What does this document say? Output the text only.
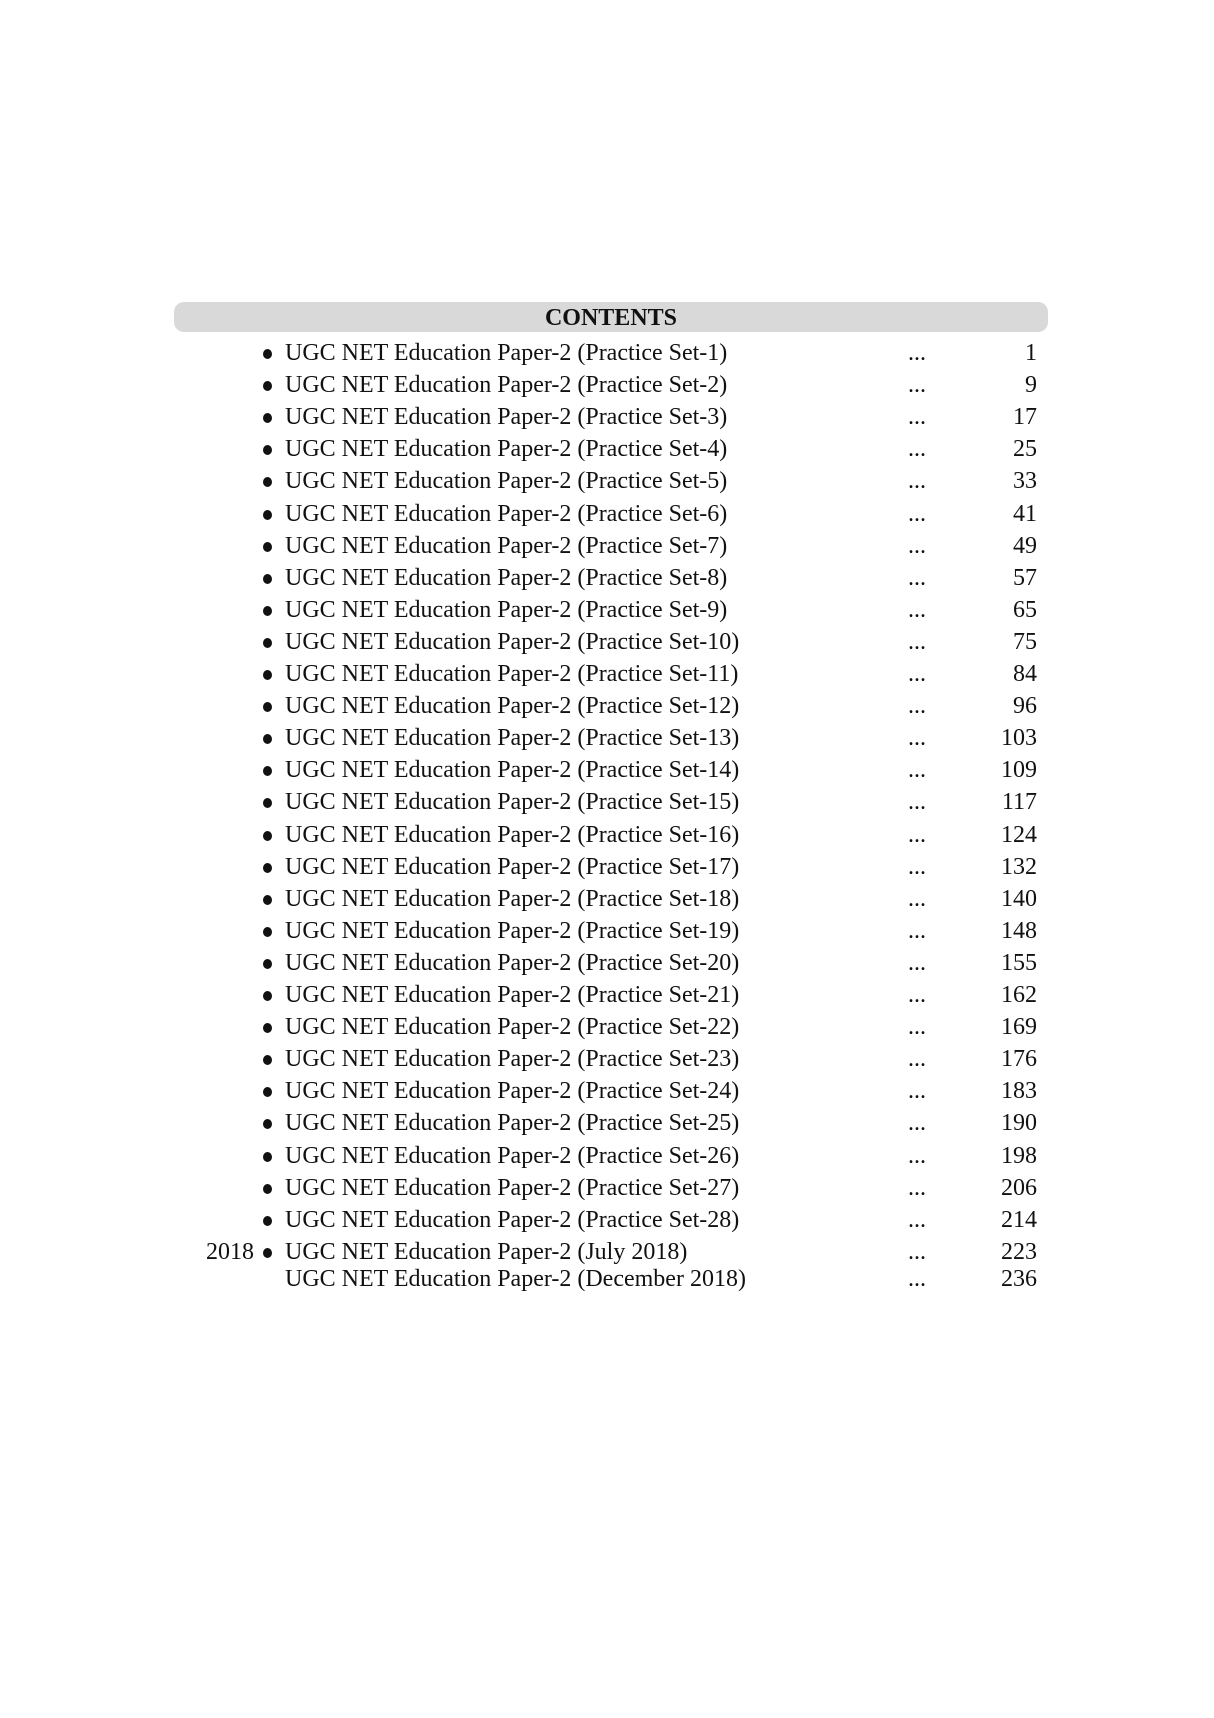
CONTENTS
UGC NET Education Paper-2 (Practice Set-1)	...	1
UGC NET Education Paper-2 (Practice Set-2)	...	9
UGC NET Education Paper-2 (Practice Set-3)	...	17
UGC NET Education Paper-2 (Practice Set-4)	...	25
UGC NET Education Paper-2 (Practice Set-5)	...	33
UGC NET Education Paper-2 (Practice Set-6)	...	41
UGC NET Education Paper-2 (Practice Set-7)	...	49
UGC NET Education Paper-2 (Practice Set-8)	...	57
UGC NET Education Paper-2 (Practice Set-9)	...	65
UGC NET Education Paper-2 (Practice Set-10)	...	75
UGC NET Education Paper-2 (Practice Set-11)	...	84
UGC NET Education Paper-2 (Practice Set-12)	...	96
UGC NET Education Paper-2 (Practice Set-13)	...	103
UGC NET Education Paper-2 (Practice Set-14)	...	109
UGC NET Education Paper-2 (Practice Set-15)	...	117
UGC NET Education Paper-2 (Practice Set-16)	...	124
UGC NET Education Paper-2 (Practice Set-17)	...	132
UGC NET Education Paper-2 (Practice Set-18)	...	140
UGC NET Education Paper-2 (Practice Set-19)	...	148
UGC NET Education Paper-2 (Practice Set-20)	...	155
UGC NET Education Paper-2 (Practice Set-21)	...	162
UGC NET Education Paper-2 (Practice Set-22)	...	169
UGC NET Education Paper-2 (Practice Set-23)	...	176
UGC NET Education Paper-2 (Practice Set-24)	...	183
UGC NET Education Paper-2 (Practice Set-25)	...	190
UGC NET Education Paper-2 (Practice Set-26)	...	198
UGC NET Education Paper-2 (Practice Set-27)	...	206
UGC NET Education Paper-2 (Practice Set-28)	...	214
2018 UGC NET Education Paper-2 (July 2018)	...	223
UGC NET Education Paper-2 (December 2018)	...	236
